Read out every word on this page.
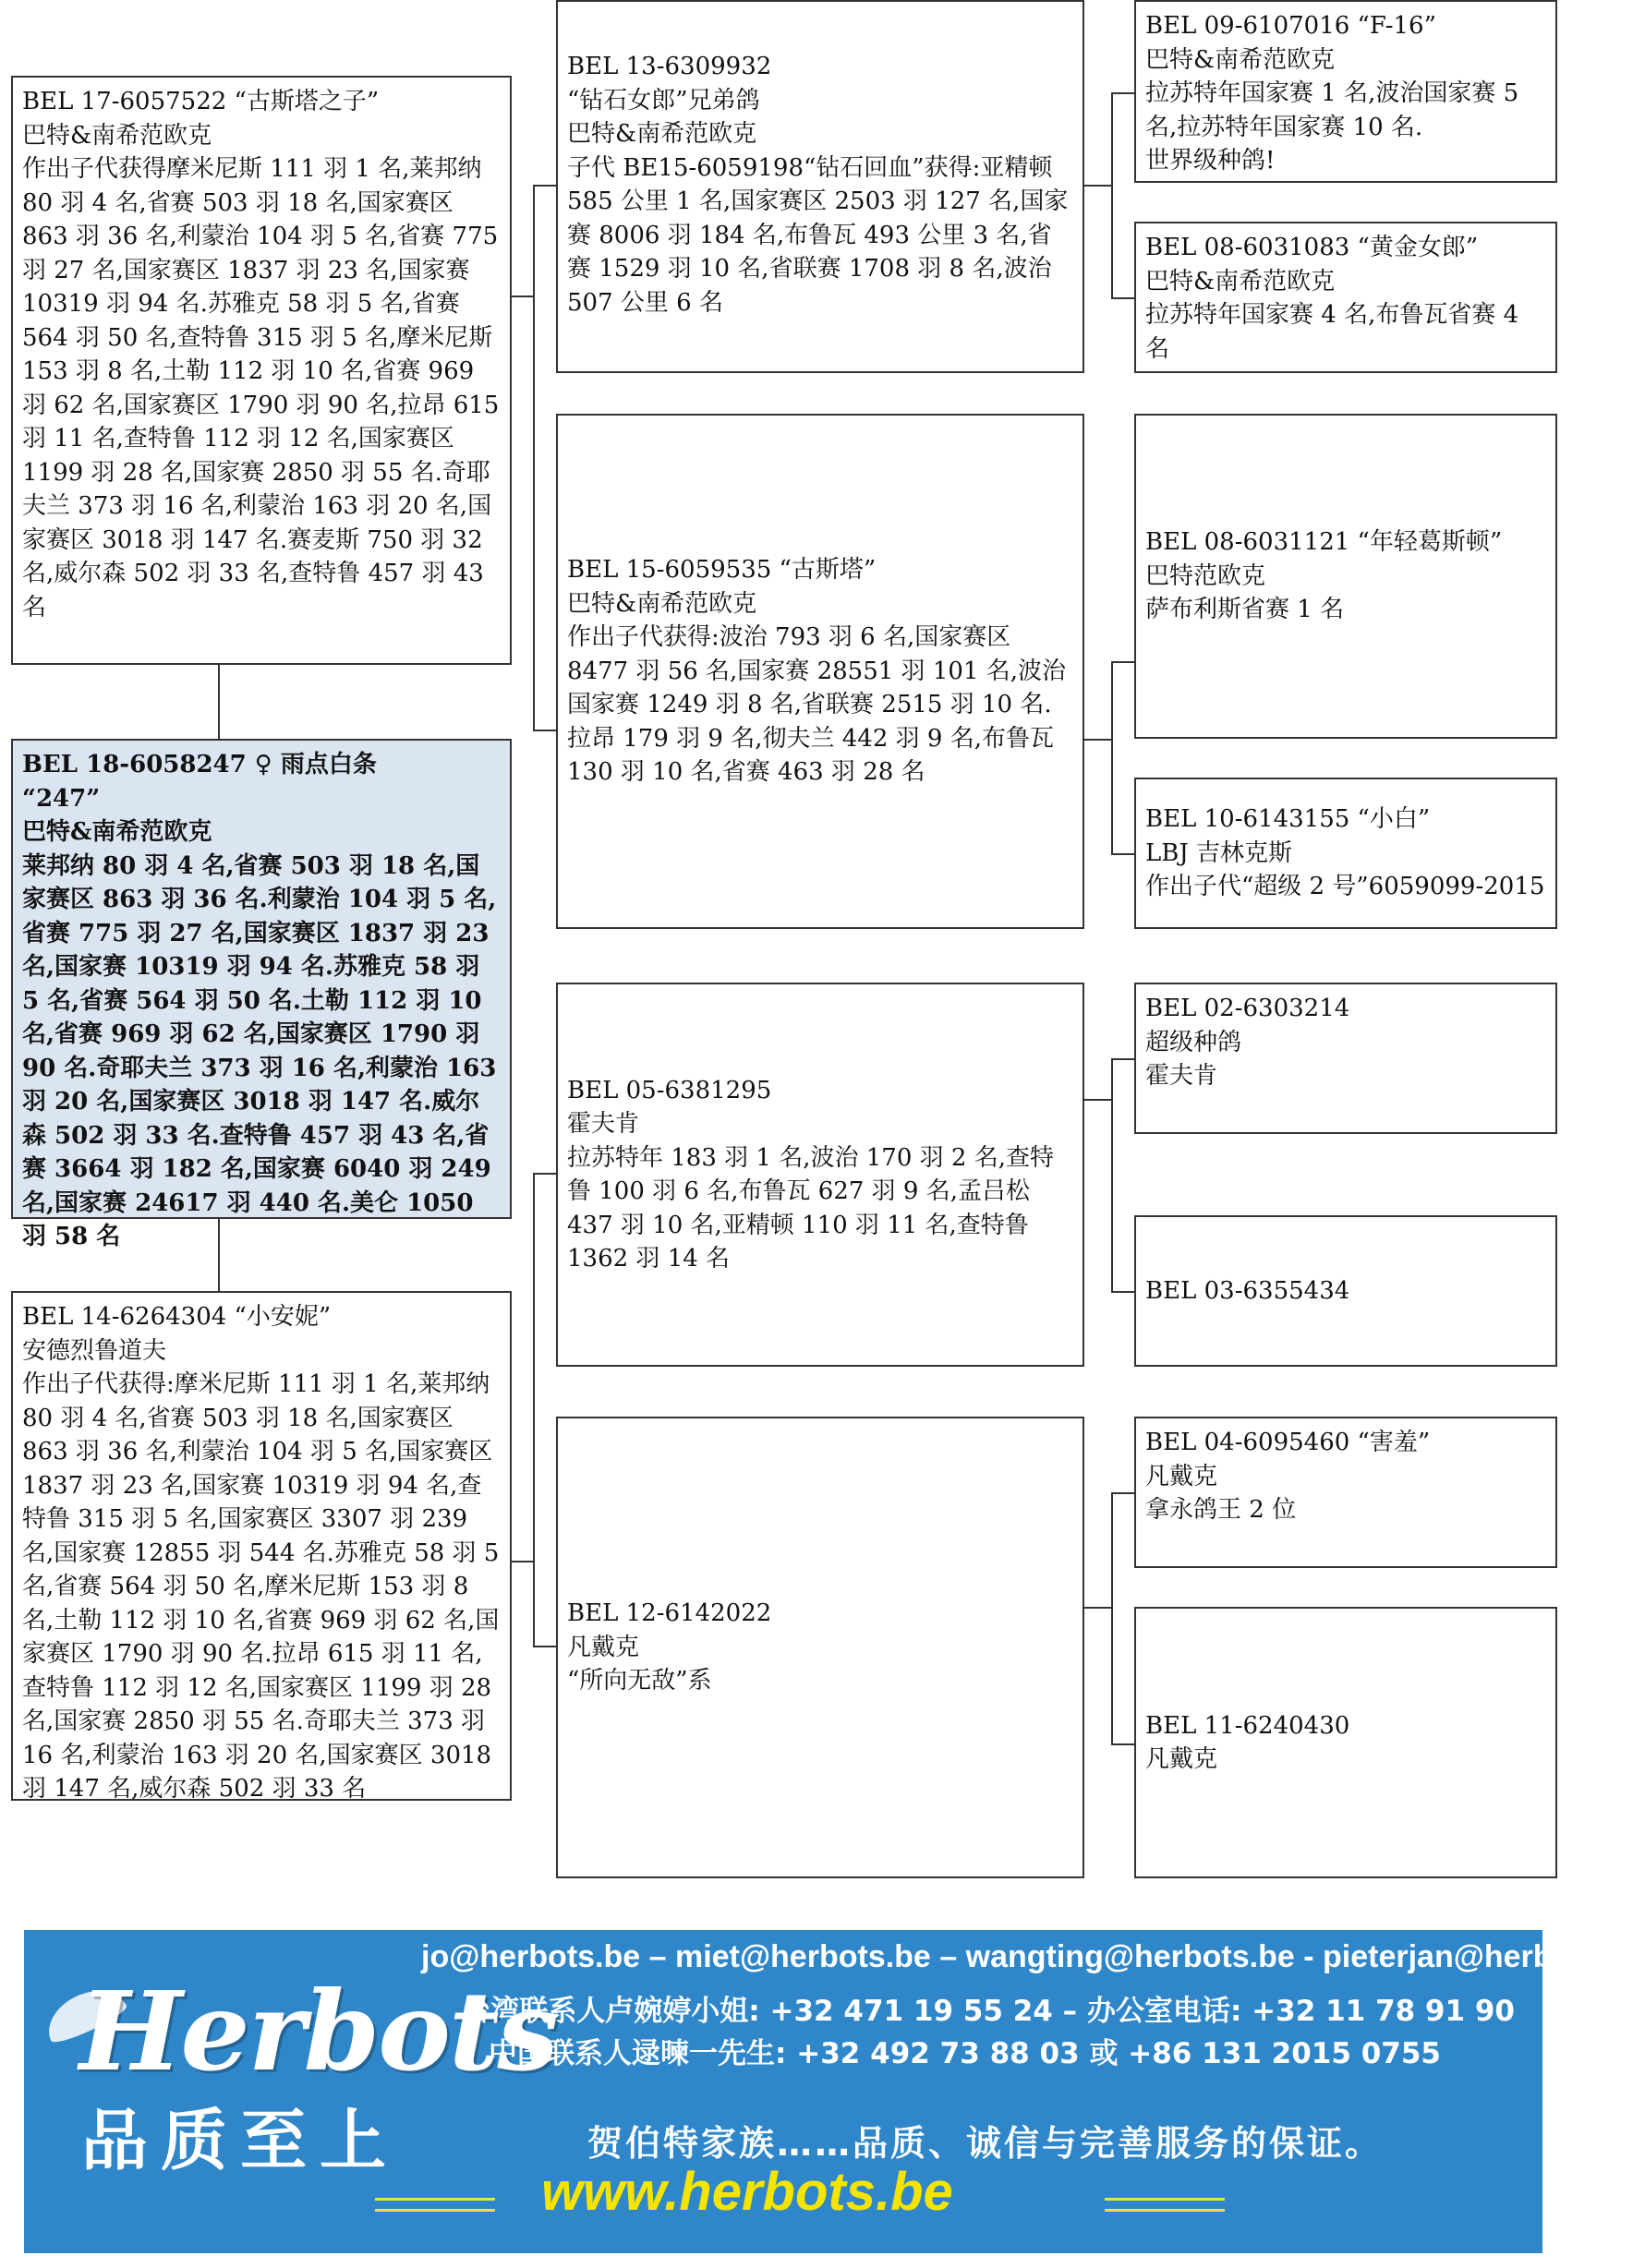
BEL 17-6057522 “古斯塔之子”
巴特&南希范欧克
作出子代获得摩米尼斯 111 羽 1 名,莱邦纳 80 羽 4 名,省赛 503 羽 18 名,国家赛区 863 羽 36 名,利蒙治 104 羽 5 名,省赛 775 羽 27 名,国家赛区 1837 羽 23 名,国家赛 10319 羽 94 名.苏雅克 58 羽 5 名,省赛 564 羽 50 名,查特鲁 315 羽 5 名,摩米尼斯 153 羽 8 名,土勒 112 羽 10 名,省赛 969 羽 62 名,国家赛区 1790 羽 90 名,拉昂 615 羽 11 名,查特鲁 112 羽 12 名,国家赛区 1199 羽 28 名,国家赛 2850 羽 55 名.奇耶夫兰 373 羽 16 名,利蒙治 163 羽 20 名,国家赛区 3018 羽 147 名.赛麦斯 750 羽 32 名,威尔森 502 羽 33 名,查特鲁 457 羽 43 名
BEL 18-6058247 ♀ 雨点白条
“247”
巴特&南希范欧克
莱邦纳 80 羽 4 名,省赛 503 羽 18 名,国家赛区 863 羽 36 名.利蒙治 104 羽 5 名,省赛 775 羽 27 名,国家赛区 1837 羽 23 名,国家赛 10319 羽 94 名.苏雅克 58 羽 5 名,省赛 564 羽 50 名.土勒 112 羽 10 名,省赛 969 羽 62 名,国家赛区 1790 羽 90 名.奇耶夫兰 373 羽 16 名,利蒙治 163 羽 20 名,国家赛区 3018 羽 147 名.威尔森 502 羽 33 名.查特鲁 457 羽 43 名,省赛 3664 羽 182 名,国家赛 6040 羽 249 名,国家赛 24617 羽 440 名.美仑 1050 羽 58 名
BEL 14-6264304 “小安妮”
安德烈鲁道夫
作出子代获得:摩米尼斯 111 羽 1 名,莱邦纳 80 羽 4 名,省赛 503 羽 18 名,国家赛区 863 羽 36 名,利蒙治 104 羽 5 名,国家赛区 1837 羽 23 名,国家赛 10319 羽 94 名,查特鲁 315 羽 5 名,国家赛区 3307 羽 239 名,国家赛 12855 羽 544 名.苏雅克 58 羽 5 名,省赛 564 羽 50 名,摩米尼斯 153 羽 8 名,土勒 112 羽 10 名,省赛 969 羽 62 名,国家赛区 1790 羽 90 名.拉昂 615 羽 11 名,查特鲁 112 羽 12 名,国家赛区 1199 羽 28 名,国家赛 2850 羽 55 名.奇耶夫兰 373 羽 16 名,利蒙治 163 羽 20 名,国家赛区 3018 羽 147 名,威尔森 502 羽 33 名
BEL 13-6309932
“钻石女郎”兄弟鸽
巴特&南希范欧克
子代 BE15-6059198“钻石回血”获得:亚精顿 585 公里 1 名,国家赛区 2503 羽 127 名,国家赛 8006 羽 184 名,布鲁瓦 493 公里 3 名,省赛 1529 羽 10 名,省联赛 1708 羽 8 名,波治 507 公里 6 名
BEL 15-6059535 “古斯塔”
巴特&南希范欧克
作出子代获得:波治 793 羽 6 名,国家赛区 8477 羽 56 名,国家赛 28551 羽 101 名,波治国家赛 1249 羽 8 名,省联赛 2515 羽 10 名.拉昂 179 羽 9 名,彻夫兰 442 羽 9 名,布鲁瓦 130 羽 10 名,省赛 463 羽 28 名
BEL 05-6381295
霍夫肯
拉苏特年 183 羽 1 名,波治 170 羽 2 名,查特鲁 100 羽 6 名,布鲁瓦 627 羽 9 名,孟吕松 437 羽 10 名,亚精顿 110 羽 11 名,查特鲁 1362 羽 14 名
BEL 12-6142022
凡戴克
“所向无敌”系
BEL 09-6107016 “F-16”
巴特&南希范欧克
拉苏特年国家赛 1 名,波治国家赛 5 名,拉苏特年国家赛 10 名.
世界级种鸽!
BEL 08-6031083 “黄金女郎”
巴特&南希范欧克
拉苏特年国家赛 4 名,布鲁瓦省赛 4 名
BEL 08-6031121 “年轻葛斯顿”
巴特范欧克
萨布利斯省赛 1 名
BEL 10-6143155 “小白”
LBJ 吉林克斯
作出子代“超级 2 号”6059099-2015
BEL 02-6303214
超级种鸽
霍夫肯
BEL 03-6355434
BEL 04-6095460 “害羞”
凡戴克
拿永鸽王 2 位
BEL 11-6240430
凡戴克
Herbots
品质至上
jo@herbots.be – miet@herbots.be – wangting@herbots.be - pieterjan@herbots.be
台湾联系人卢婉婷小姐: +32 471 19 55 24 – 办公室电话: +32 11 78 91 90
中国联系人逯暕一先生: +32 492 73 88 03 或 +86 131 2015 0755
贺伯特家族……品质、诚信与完善服务的保证。
www.herbots.be
